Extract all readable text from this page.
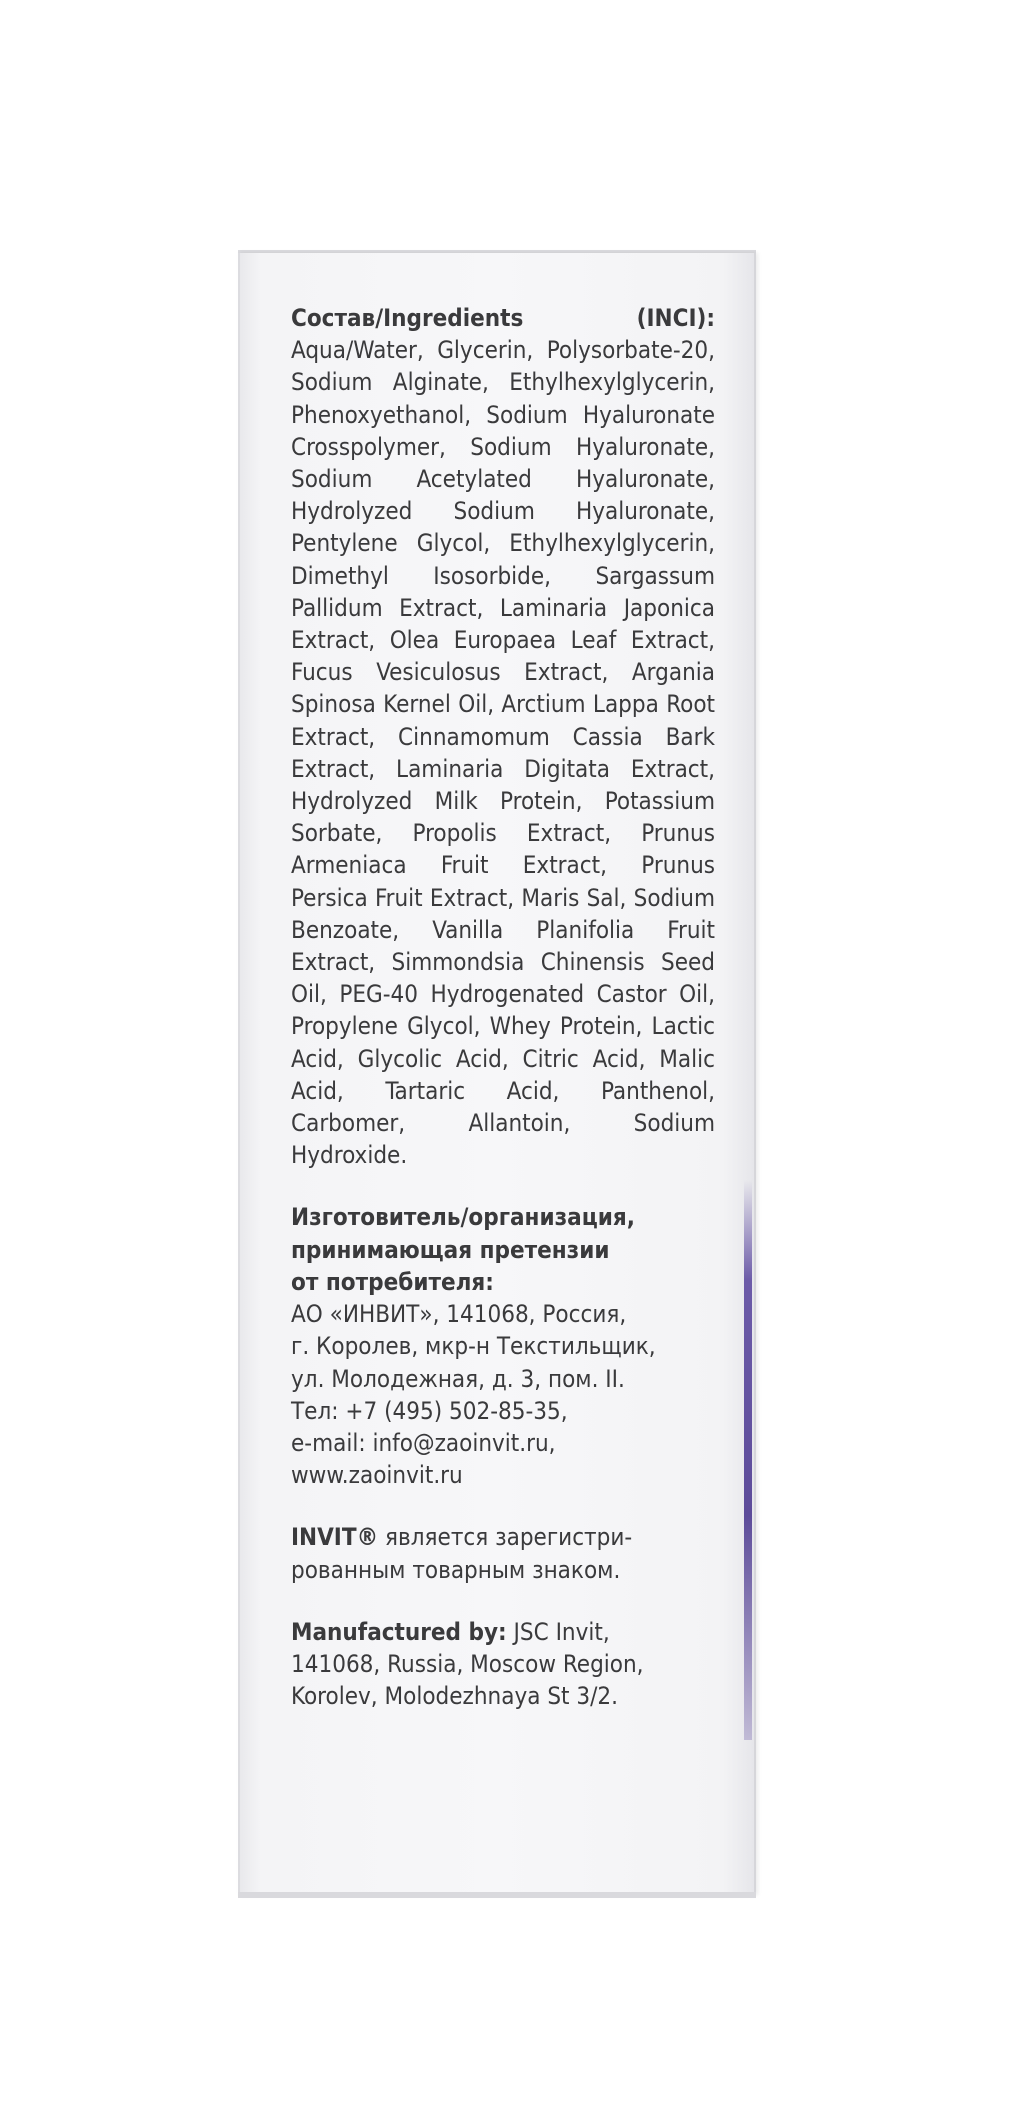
Состав/Ingredients (INCI): Aqua/Water, Glycerin, Polysorbate-20, Sodium Alginate, Ethylhexylglycerin, Phenoxyethanol, Sodium Hyaluronate Crosspolymer, Sodium Hyaluronate, Sodium Acetylated Hyaluronate, Hydrolyzed Sodium Hyaluronate, Pentylene Glycol, Ethylhexylglycerin, Dimethyl Isosorbide, Sargassum Pallidum Extract, Laminaria Japonica Extract, Olea Europaea Leaf Extract, Fucus Vesiculosus Extract, Argania Spinosa Kernel Oil, Arctium Lappa Root Extract, Cinnamomum Cassia Bark Extract, Laminaria Digitata Extract, Hydrolyzed Milk Protein, Potassium Sorbate, Propolis Extract, Prunus Armeniaca Fruit Extract, Prunus Persica Fruit Extract, Maris Sal, Sodium Benzoate, Vanilla Planifolia Fruit Extract, Simmondsia Chinensis Seed Oil, PEG-40 Hydrogenated Castor Oil, Propylene Glycol, Whey Protein, Lactic Acid, Glycolic Acid, Citric Acid, Malic Acid, Tartaric Acid, Panthenol, Carbomer, Allantoin, Sodium Hydroxide.

Изготовитель/организация,
принимающая претензии
от потребителя:
АО «ИНВИТ», 141068, Россия,
г. Королев, мкр-н Текстильщик,
ул. Молодежная, д. 3, пом. II.
Тел: +7 (495) 502-85-35,
e-mail: info@zaoinvit.ru,
www.zaoinvit.ru
INVIT® является зарегистри-
рованным товарным знаком.
Manufactured by: JSC Invit,
141068, Russia, Moscow Region,
Korolev, Molodezhnaya St 3/2.
